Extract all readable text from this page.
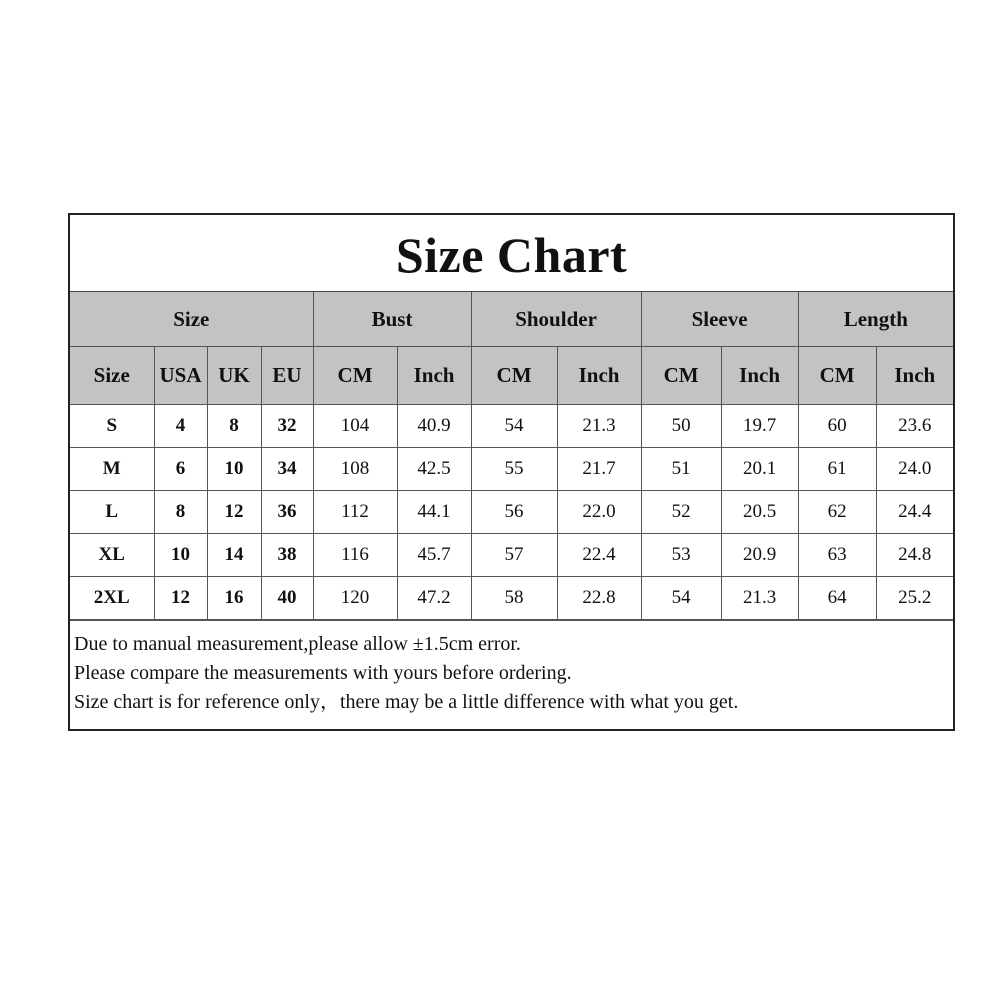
Size Chart
Size				Bust		Shoulder		Sleeve		Length	
Size	USA	UK	EU	CM	Inch	CM	Inch	CM	Inch	CM	Inch
S	4	8	32	104	40.9	54	21.3	50	19.7	60	23.6
M	6	10	34	108	42.5	55	21.7	51	20.1	61	24.0
L	8	12	36	112	44.1	56	22.0	52	20.5	62	24.4
XL	10	14	38	116	45.7	57	22.4	53	20.9	63	24.8
2XL	12	16	40	120	47.2	58	22.8	54	21.3	64	25.2
Due to manual measurement,please allow ±1.5cm error.
Please compare the measurements with yours before ordering.
Size chart is for reference only，there may be a little difference with what you get.
